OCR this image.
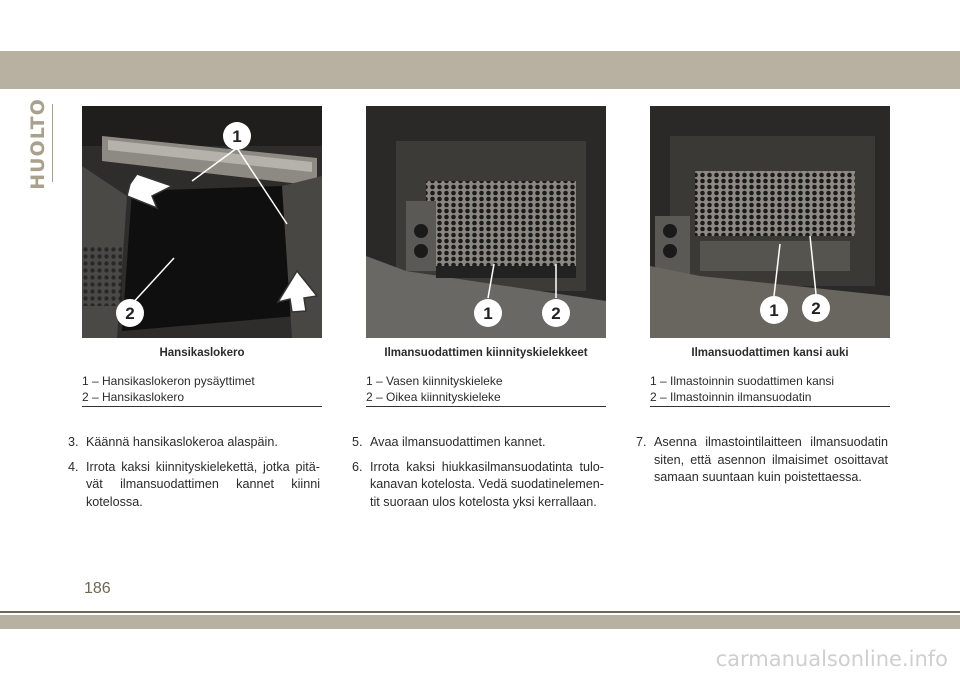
HUOLTO	1
2	1	2	1 2
Hansikaslokero
1 – Hansikaslokeron pysäyttimet
2 – Hansikaslokero
Ilmansuodattimen kiinnityskielekkeet
1 – Vasen kiinnityskieleke
2 – Oikea kiinnityskieleke
Ilmansuodattimen kansi auki
1 – Ilmastoinnin suodattimen kansi
2 – Ilmastoinnin ilmansuodatin
3. Käännä hansikaslokeroa alaspäin.
4. Irrota kaksi kiinnityskielekettä, jotka pitä- vät ilmansuodattimen kannet kiinni kotelossa.
5. Avaa ilmansuodattimen kannet.
6. Irrota kaksi hiukkasilmansuodatinta tulo- kanavan kotelosta. Vedä suodatinelemen- tit suoraan ulos kotelosta yksi kerrallaan.
7. Asenna ilmastointilaitteen ilmansuodatin siten, että asennon ilmaisimet osoittavat samaan suuntaan kuin poistettaessa.
186
carmanualsonline.info
